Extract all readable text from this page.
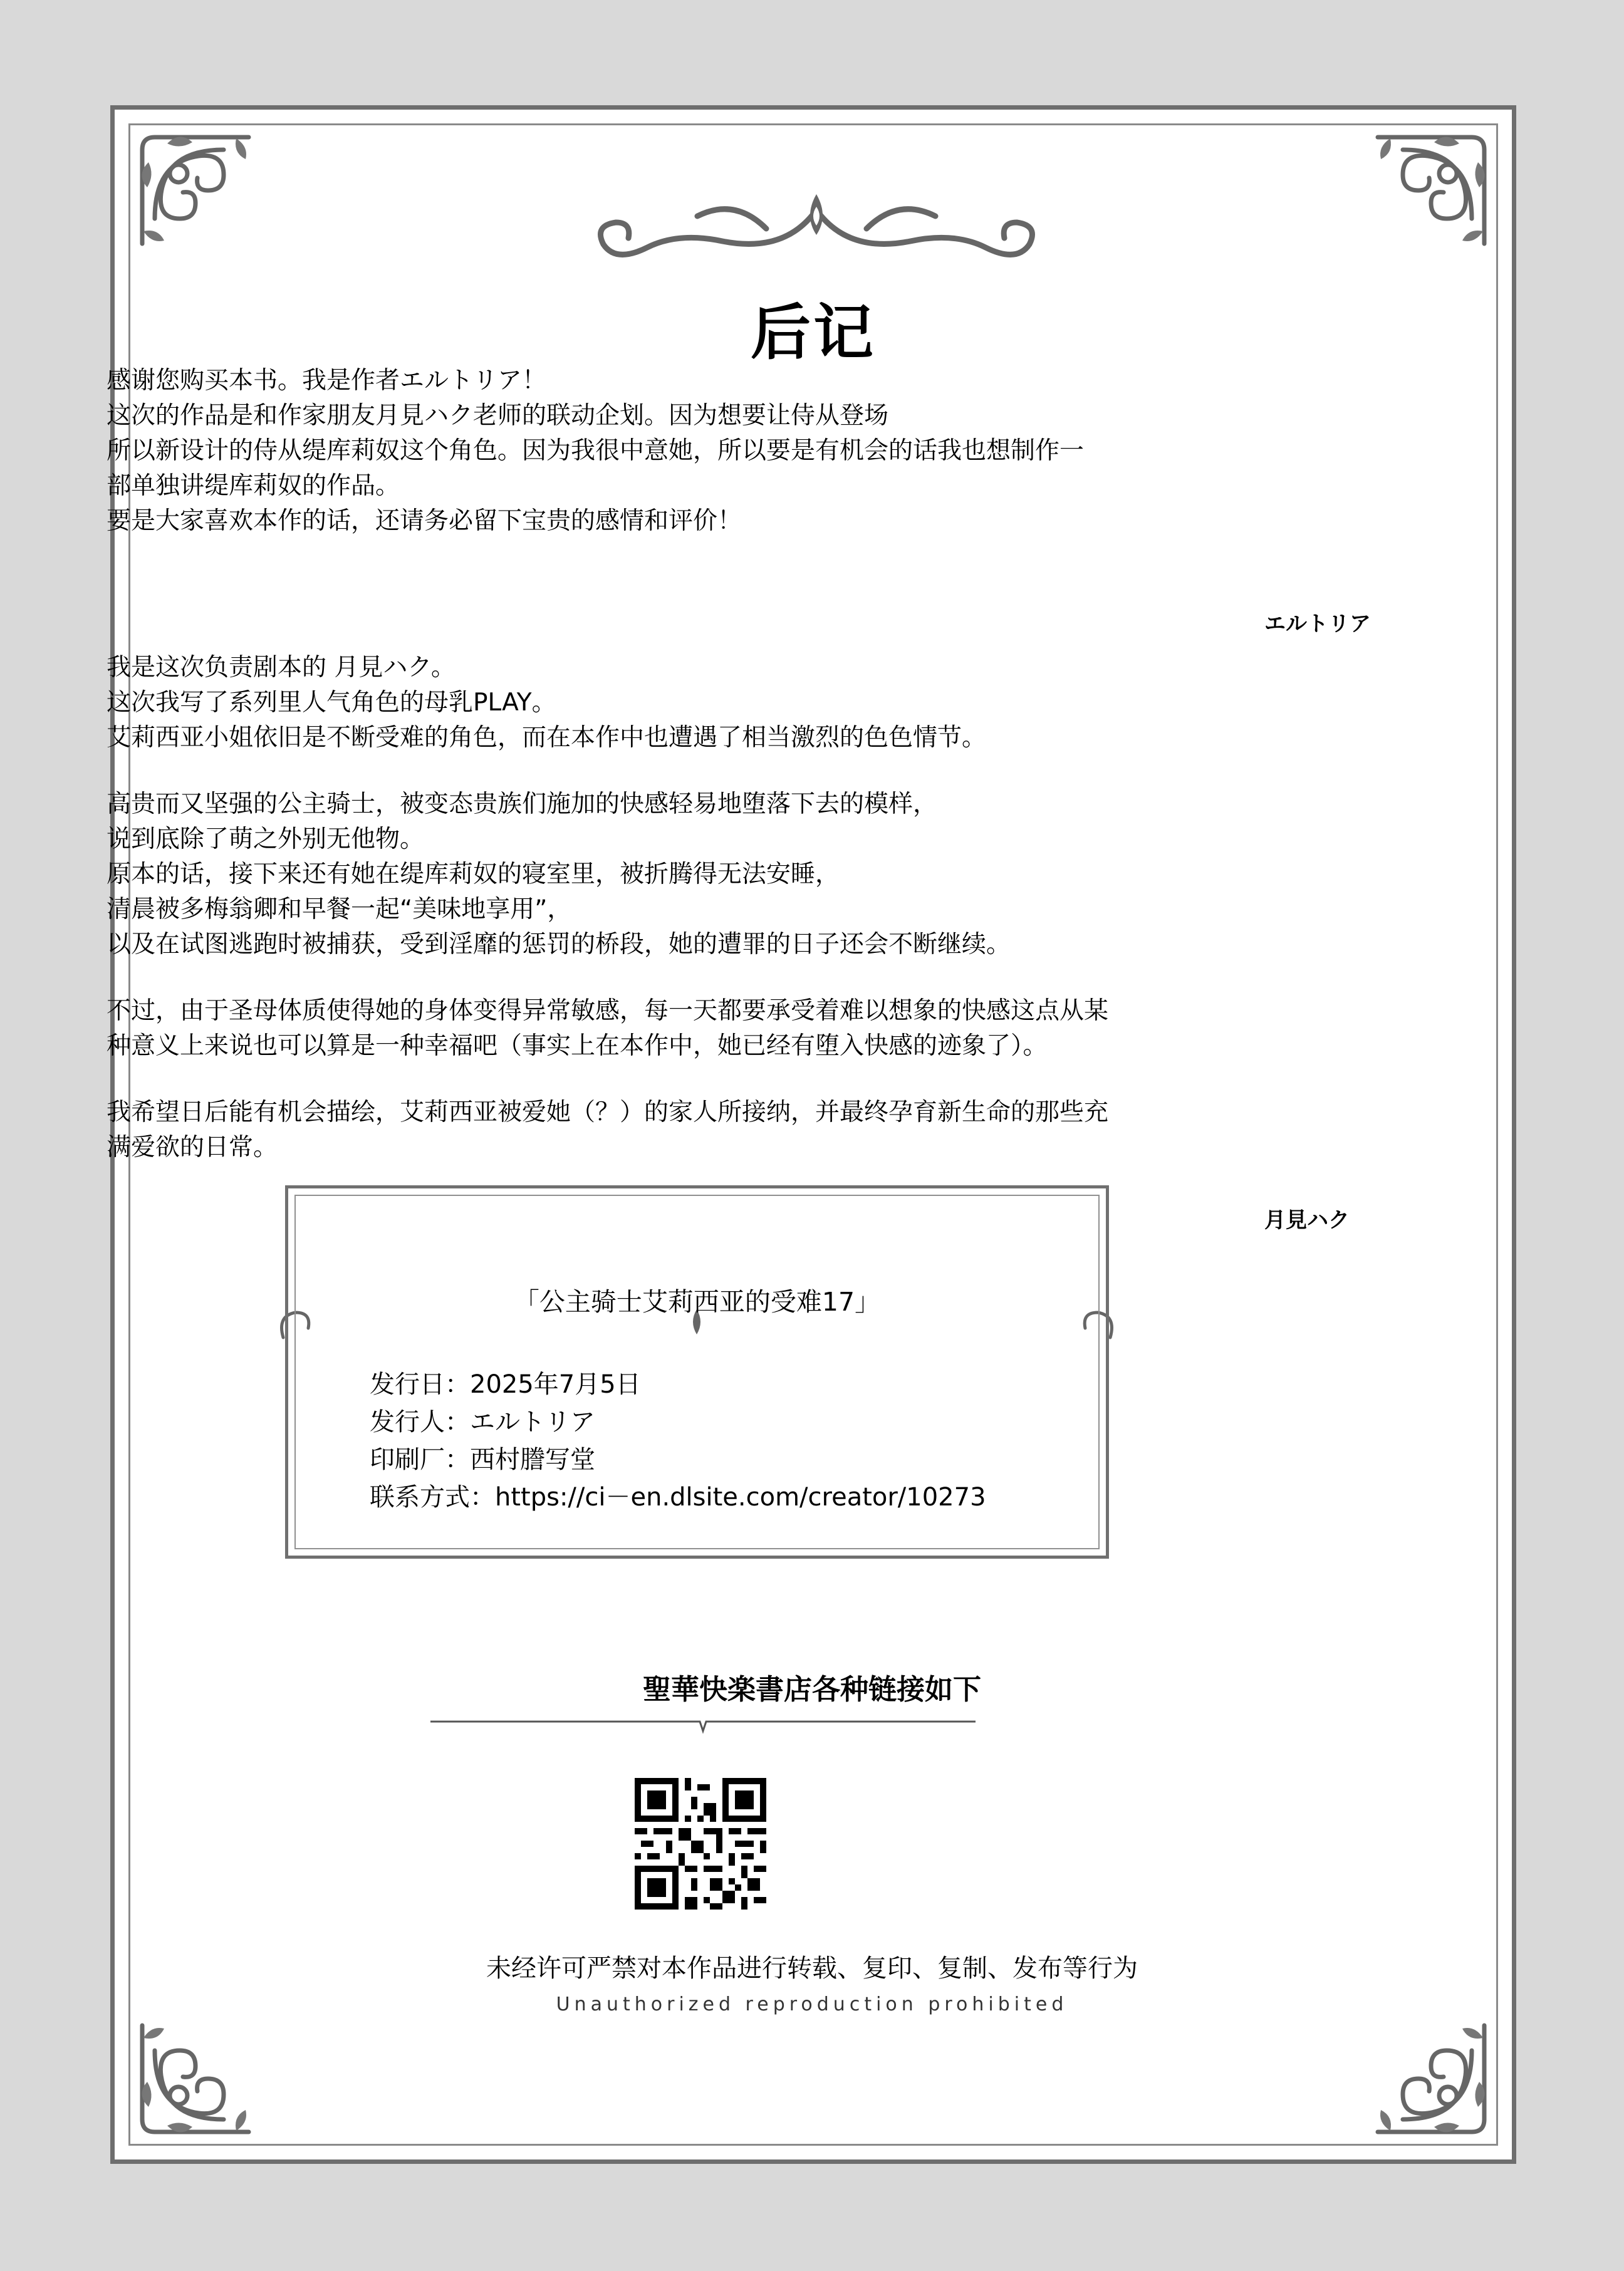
后记

感谢您购买本书。我是作者エルトリア！

这次的作品是和作家朋友月見ハク老师的联动企划。因为想要让侍从登场

所以新设计的侍从缇库莉奴这个角色。因为我很中意她，所以要是有机会的话我也想制作一

部单独讲缇库莉奴的作品。

要是大家喜欢本作的话，还请务必留下宝贵的感情和评价！

エルトリア

我是这次负责剧本的 月見ハク。

这次我写了系列里人气角色的母乳PLAY。

艾莉西亚小姐依旧是不断受难的角色，而在本作中也遭遇了相当激烈的色色情节。

高贵而又坚强的公主骑士，被变态贵族们施加的快感轻易地堕落下去的模样，

说到底除了萌之外别无他物。

原本的话，接下来还有她在缇库莉奴的寝室里，被折腾得无法安睡，

清晨被多梅翁卿和早餐一起“美味地享用”，

以及在试图逃跑时被捕获，受到淫靡的惩罚的桥段，她的遭罪的日子还会不断继续。

不过，由于圣母体质使得她的身体变得异常敏感，每一天都要承受着难以想象的快感这点从某

种意义上来说也可以算是一种幸福吧（事实上在本作中，她已经有堕入快感的迹象了）。

我希望日后能有机会描绘，艾莉西亚被爱她（？）的家人所接纳，并最终孕育新生命的那些充

满爱欲的日常。

月見ハク
「公主骑士艾莉西亚的受难17」
发行日：2025年7月5日
发行人：エルトリア
印刷厂：西村謄写堂
联系方式：https://ci－en.dlsite.com/creator/10273
聖華快楽書店各种链接如下
未经许可严禁对本作品进行转载、复印、复制、发布等行为
Unauthorized reproduction prohibited
